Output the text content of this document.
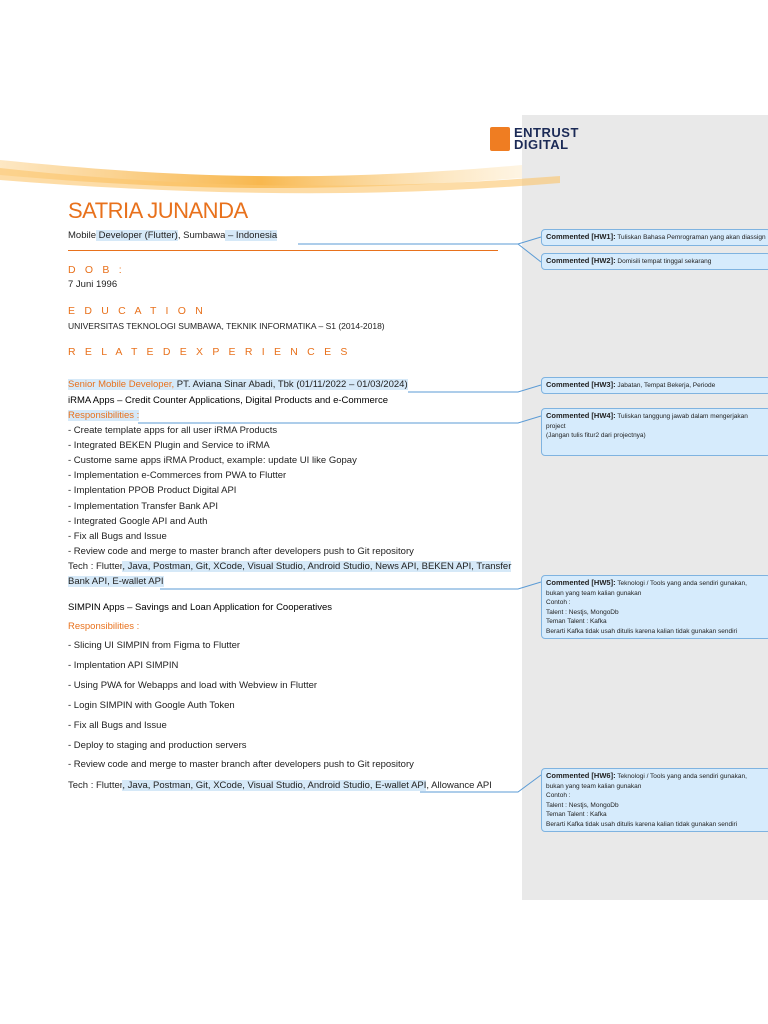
ENTRUST
DIGITAL
SATRIA JUNANDA
Mobile Developer (Flutter), Sumbawa – Indonesia
D O B :
7 Juni 1996
E D U C A T I O N
UNIVERSITAS TEKNOLOGI SUMBAWA, TEKNIK INFORMATIKA – S1 (2014-2018)
R E L A T E D E X P E R I E N C E S
Senior Mobile Developer, PT. Aviana Sinar Abadi, Tbk (01/11/2022 – 01/03/2024)
iRMA Apps – Credit Counter Applications, Digital Products and e-Commerce
Responsibilities :
- Create template apps for all user iRMA Products
- Integrated BEKEN Plugin and Service to iRMA
- Custome same apps iRMA Product, example: update UI like Gopay
- Implementation e-Commerces from PWA to Flutter
- Implentation PPOB Product Digital API
- Implementation Transfer Bank API
- Integrated Google API and Auth
- Fix all Bugs and Issue
- Review code and merge to master branch after developers push to Git repository
Tech : Flutter, Java, Postman, Git, XCode, Visual Studio, Android Studio, News API, BEKEN API, Transfer
Bank API, E-wallet API
SIMPIN Apps – Savings and Loan Application for Cooperatives
Responsibilities :
- Slicing UI SIMPIN from Figma to Flutter
- Implentation API SIMPIN
- Using PWA for Webapps and load with Webview in Flutter
- Login SIMPIN with Google Auth Token
- Fix all Bugs and Issue
- Deploy to staging and production servers
- Review code and merge to master branch after developers push to Git repository
Tech : Flutter, Java, Postman, Git, XCode, Visual Studio, Android Studio, E-wallet API, Allowance API
Commented [HW1]: Tuliskan Bahasa Pemrograman yang akan diassign
Commented [HW2]: Domisili tempat tinggal sekarang
Commented [HW3]: Jabatan, Tempat Bekerja, Periode
Commented [HW4]: Tuliskan tanggung jawab dalam mengerjakan project
(Jangan tulis fitur2 dari projectnya)
Commented [HW5]: Teknologi / Tools yang anda sendiri gunakan, bukan yang team kalian gunakan
Contoh :
Talent : Nestjs, MongoDb
Teman Talent : Kafka
Berarti Kafka tidak usah ditulis karena kalian tidak gunakan sendiri
Commented [HW6]: Teknologi / Tools yang anda sendiri gunakan, bukan yang team kalian gunakan
Contoh :
Talent : Nestjs, MongoDb
Teman Talent : Kafka
Berarti Kafka tidak usah ditulis karena kalian tidak gunakan sendiri
